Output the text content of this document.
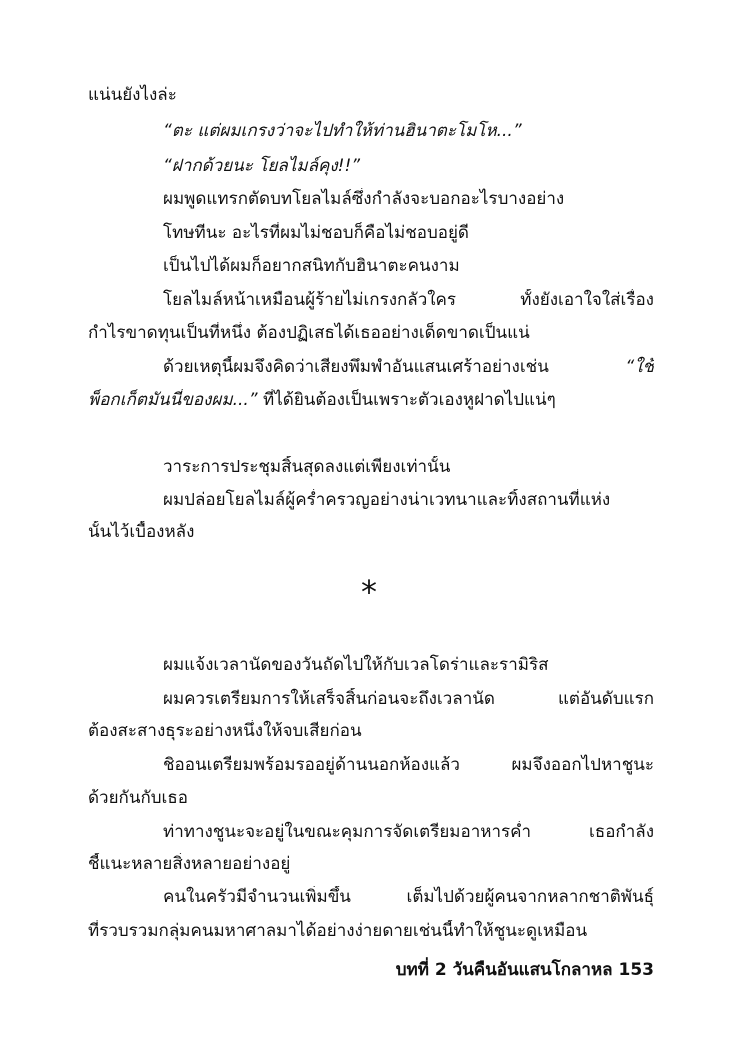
แน่นยังไงล่ะ
“ตะ แต่ผมเกรงว่าจะไปทำให้ท่านฮินาตะโมโห...”
“ฝากด้วยนะ โยลไมล์คุง!!”
ผมพูดแทรกตัดบทโยลไมล์ซึ่งกำลังจะบอกอะไรบางอย่าง
โทษทีนะ อะไรที่ผมไม่ชอบก็คือไม่ชอบอยู่ดี
เป็นไปได้ผมก็อยากสนิทกับฮินาตะคนงาม
โยลไมล์หน้าเหมือนผู้ร้ายไม่เกรงกลัวใคร ทั้งยังเอาใจใส่เรื่อง
กำไรขาดทุนเป็นที่หนึ่ง ต้องปฏิเสธได้เธออย่างเด็ดขาดเป็นแน่
ด้วยเหตุนี้ผมจึงคิดว่าเสียงพึมพำอันแสนเศร้าอย่างเช่น “ใช้
พ็อกเก็ตมันนี่ของผม...” ที่ได้ยินต้องเป็นเพราะตัวเองหูฝาดไปแน่ๆ
วาระการประชุมสิ้นสุดลงแต่เพียงเท่านั้น
ผมปล่อยโยลไมล์ผู้คร่ำครวญอย่างน่าเวทนาและทิ้งสถานที่แห่ง
นั้นไว้เบื้องหลัง
*
ผมแจ้งเวลานัดของวันถัดไปให้กับเวลโดร่าและรามิริส
ผมควรเตรียมการให้เสร็จสิ้นก่อนจะถึงเวลานัด แต่อันดับแรก
ต้องสะสางธุระอย่างหนึ่งให้จบเสียก่อน
ชิออนเตรียมพร้อมรออยู่ด้านนอกห้องแล้ว ผมจึงออกไปหาชูนะ
ด้วยกันกับเธอ
ท่าทางชูนะจะอยู่ในขณะคุมการจัดเตรียมอาหารค่ำ เธอกำลัง
ชี้แนะหลายสิ่งหลายอย่างอยู่
คนในครัวมีจำนวนเพิ่มขึ้น เต็มไปด้วยผู้คนจากหลากชาติพันธุ์
ที่รวบรวมกลุ่มคนมหาศาลมาได้อย่างง่ายดายเช่นนี้ทำให้ชูนะดูเหมือน
บทที่ 2 วันคืนอันแสนโกลาหล 153
